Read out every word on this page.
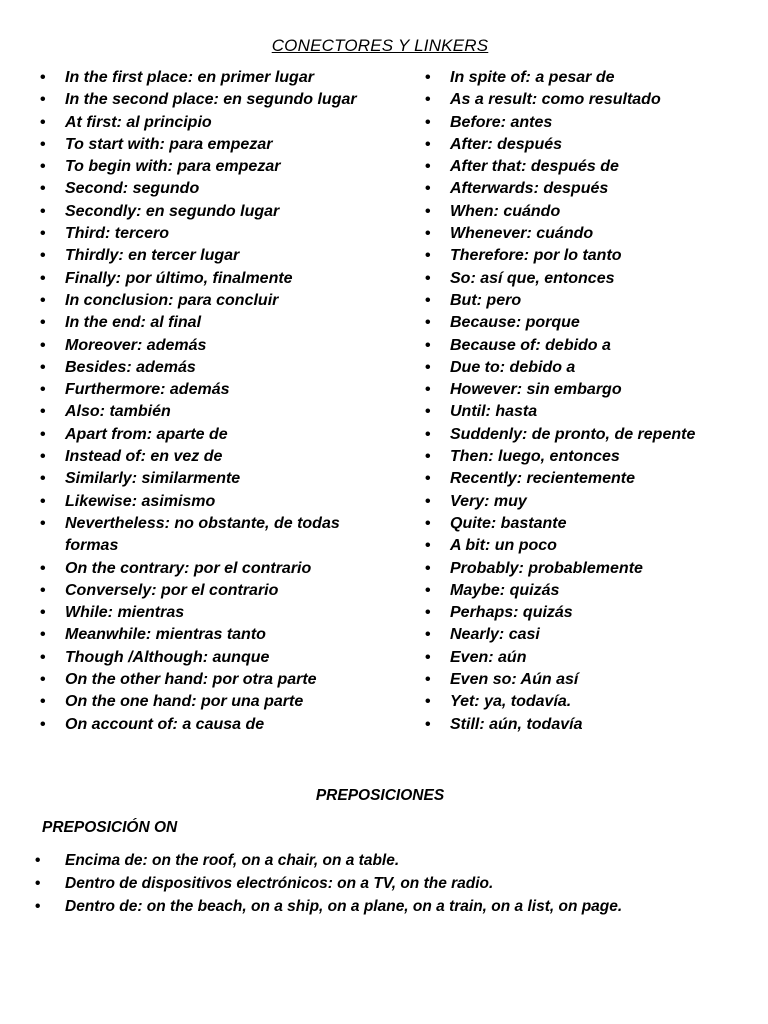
CONECTORES Y LINKERS
• In the first place: en primer lugar
• In the second place: en segundo lugar
• At first: al principio
• To start with: para empezar
• To begin with: para empezar
• Second: segundo
• Secondly: en segundo lugar
• Third: tercero
• Thirdly: en tercer lugar
• Finally: por último, finalmente
• In conclusion: para concluir
• In the end: al final
• Moreover: además
• Besides: además
• Furthermore: además
• Also: también
• Apart from: aparte de
• Instead of: en vez de
• Similarly: similarmente
• Likewise: asimismo
• Nevertheless: no obstante, de todas formas
• On the contrary: por el contrario
• Conversely: por el contrario
• While: mientras
• Meanwhile: mientras tanto
• Though /Although: aunque
• On the other hand: por otra parte
• On the one hand: por una parte
• On account of: a causa de
• In spite of: a pesar de
• As a result: como resultado
• Before: antes
• After: después
• After that: después de
• Afterwards: después
• When: cuándo
• Whenever: cuándo
• Therefore: por lo tanto
• So: así que, entonces
• But: pero
• Because: porque
• Because of: debido a
• Due to: debido a
• However: sin embargo
• Until: hasta
• Suddenly: de pronto, de repente
• Then: luego, entonces
• Recently: recientemente
• Very: muy
• Quite: bastante
• A bit: un poco
• Probably: probablemente
• Maybe: quizás
• Perhaps: quizás
• Nearly: casi
• Even: aún
• Even so: Aún así
• Yet: ya, todavía.
• Still: aún, todavía
PREPOSICIONES
PREPOSICIÓN ON
• Encima de: on the roof, on a chair, on a table.
• Dentro de dispositivos electrónicos: on a TV, on the radio.
• Dentro de: on the beach, on a ship, on a plane, on a train, on a list, on page.
